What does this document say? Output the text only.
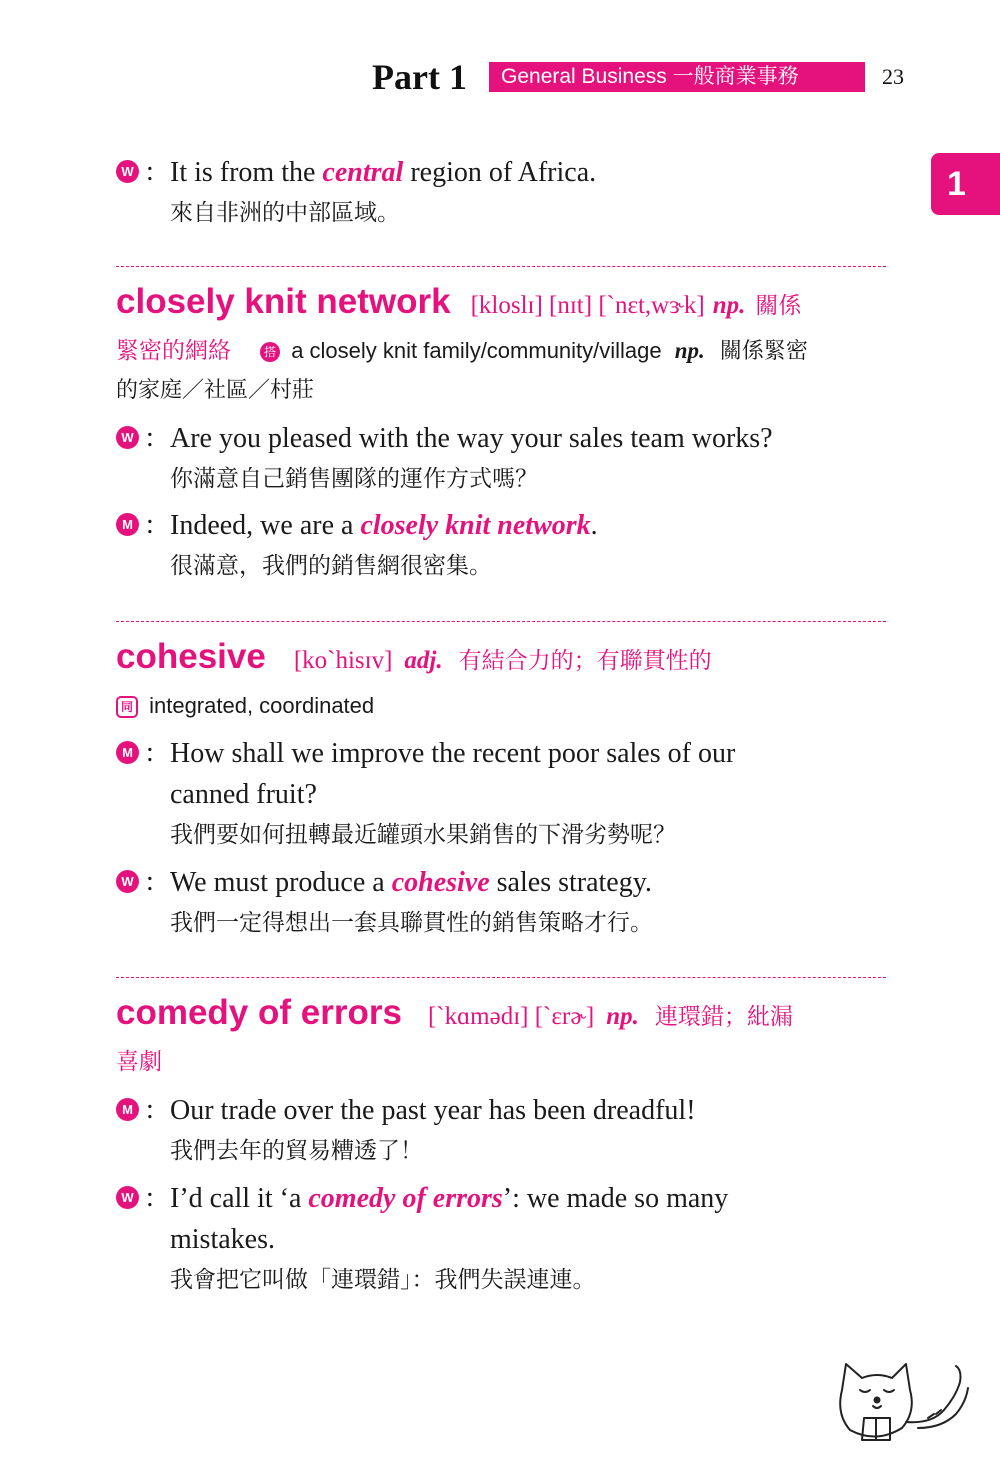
Part 1	General Business 一般商業事務	23
1
W : It is from the central region of Africa.
來自非洲的中部區域。
closely knit network [kloslɪ] [nɪt] [ˋnɛt,wɝk] np. 關係
緊密的網絡	搭 a closely knit family/community/village np. 關係緊密
的家庭／社區／村莊
W : Are you pleased with the way your sales team works?
你滿意自己銷售團隊的運作方式嗎？
M : Indeed, we are a closely knit network.
很滿意，我們的銷售網很密集。
cohesive [koˋhisɪv] adj. 有結合力的；有聯貫性的
同 integrated, coordinated
M : How shall we improve the recent poor sales of our
canned fruit?
我們要如何扭轉最近罐頭水果銷售的下滑劣勢呢？
W : We must produce a cohesive sales strategy.
我們一定得想出一套具聯貫性的銷售策略才行。
comedy of errors [ˋkɑmədɪ] [ˋɛrɚ] np. 連環錯；紕漏
喜劇
M : Our trade over the past year has been dreadful!
我們去年的貿易糟透了！
W : I’d call it ‘a comedy of errors’: we made so many
mistakes.
我會把它叫做「連環錯」：我們失誤連連。
